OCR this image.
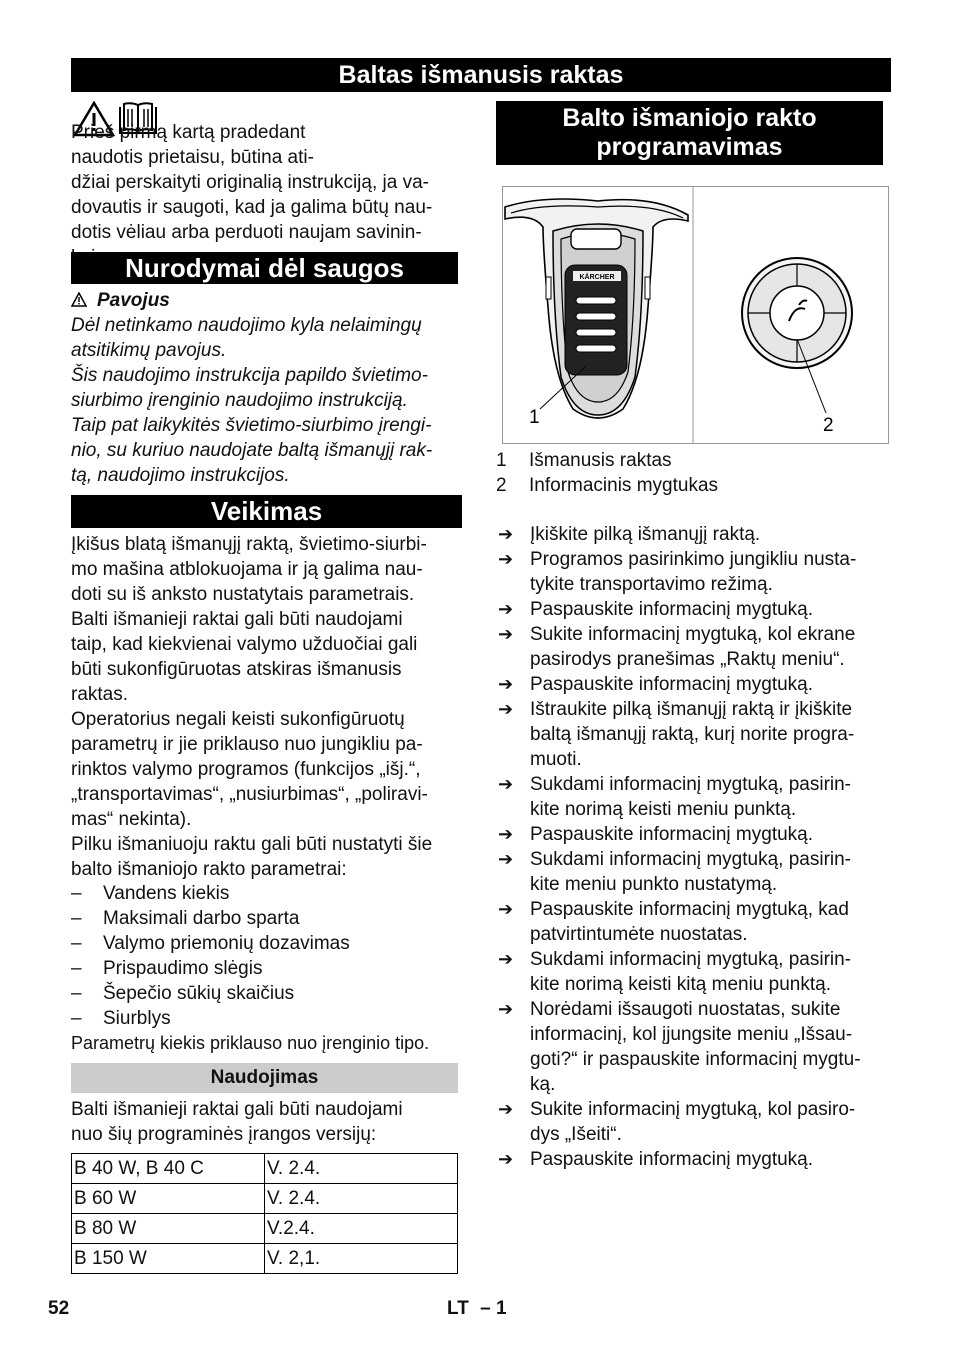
Baltas išmanusis raktas

Prieš pirmą kartą pradedant
naudotis prietaisu, būtina ati-
džiai perskaityti originalią instrukciją, ja va-
dovautis ir saugoti, kad ja galima būtų nau-
dotis vėliau arba perduoti naujam savinin-

Nurodymai dėl saugos
Pavojus
Dėl netinkamo naudojimo kyla nelaimingų
atsitikimų pavojus.
Šis naudojimo instrukcija papildo švietimo-
siurbimo įrenginio naudojimo instrukciją.
Taip pat laikykitės švietimo-siurbimo įrengi-
nio, su kuriuo naudojate baltą išmanųjį rak-
tą, naudojimo instrukcijos.
Veikimas
Įkišus blatą išmanųjį raktą, švietimo-siurbi-
mo mašina atblokuojama ir ją galima nau-
doti su iš anksto nustatytais parametrais.
Balti išmanieji raktai gali būti naudojami
taip, kad kiekvienai valymo užduočiai gali
būti sukonfigūruotas atskiras išmanusis
raktas.
Operatorius negali keisti sukonfigūruotų
parametrų ir jie priklauso nuo jungikliu pa-
rinktos valymo programos (funkcijos „išj.“,
„transportavimas“, „nusiurbimas“, „poliravi-
mas“ nekinta).
Pilku išmaniuoju raktu gali būti nustatyti šie
balto išmaniojo rakto parametrai:
–	Vandens kiekis
–	Maksimali darbo sparta
–	Valymo priemonių dozavimas
–	Prispaudimo slėgis
–	Šepečio sūkių skaičius
–	Siurblys
Parametrų kiekis priklauso nuo įrenginio tipo.
Naudojimas
Balti išmanieji raktai gali būti naudojami
nuo šių programinės įrangos versijų:
B 40 W, B 40 C	V. 2.4.
B 60 W	V. 2.4.
B 80 W	V.2.4.
B 150 W	V. 2,1.
Balto išmaniojo rakto
programavimas
KÄRCHER
1	2
1 Išmanusis raktas
2 Informacinis mygtukas
➔ Įkiškite pilką išmanųjį raktą.
➔ Programos pasirinkimo jungikliu nusta-
tykite transportavimo režimą.
➔ Paspauskite informacinį mygtuką.
➔ Sukite informacinį mygtuką, kol ekrane
pasirodys pranešimas „Raktų meniu“.
➔ Paspauskite informacinį mygtuką.
➔ Ištraukite pilką išmanųjį raktą ir įkiškite
baltą išmanųjį raktą, kurį norite progra-
muoti.
➔ Sukdami informacinį mygtuką, pasirin-
kite norimą keisti meniu punktą.
➔ Paspauskite informacinį mygtuką.
➔ Sukdami informacinį mygtuką, pasirin-
kite meniu punkto nustatymą.
➔ Paspauskite informacinį mygtuką, kad
patvirtintumėte nuostatas.
➔ Sukdami informacinį mygtuką, pasirin-
kite norimą keisti kitą meniu punktą.
➔ Norėdami išsaugoti nuostatas, sukite
informacinį, kol įjungsite meniu „Išsau-
goti?“ ir paspauskite informacinį mygtu-
ką.
➔ Sukite informacinį mygtuką, kol pasiro-
dys „Išeiti“.
➔ Paspauskite informacinį mygtuką.
52	LT – 1
